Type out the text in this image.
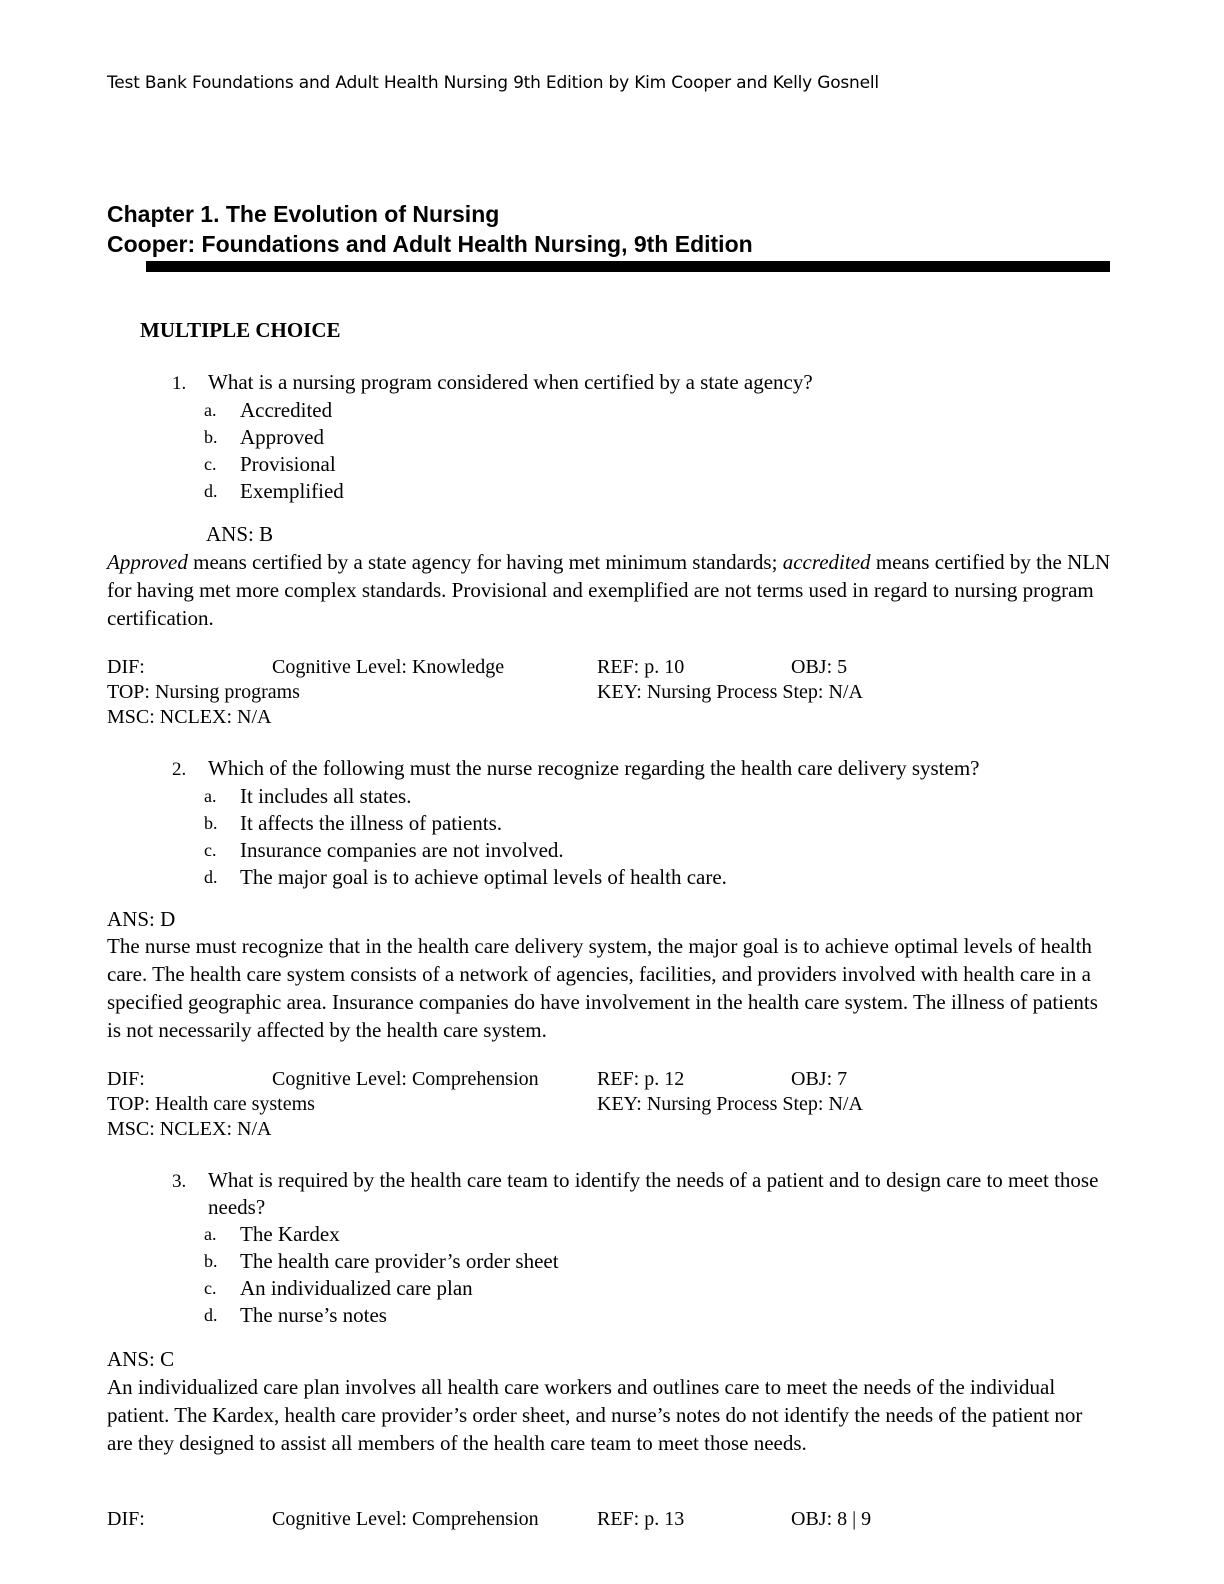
Test Bank Foundations and Adult Health Nursing 9th Edition by Kim Cooper and Kelly Gosnell
Chapter 1. The Evolution of Nursing
Cooper: Foundations and Adult Health Nursing, 9th Edition
MULTIPLE CHOICE
1.	What is a nursing program considered when certified by a state agency?
a.	Accredited
b.	Approved
c.	Provisional
d.	Exemplified
ANS: B
Approved means certified by a state agency for having met minimum standards; accredited means certified by the NLN for having met more complex standards. Provisional and exemplified are not terms used in regard to nursing program certification.
DIF:	Cognitive Level: Knowledge	REF: p. 10	OBJ: 5
TOP: Nursing programs	KEY: Nursing Process Step: N/A
MSC: NCLEX: N/A
2.	Which of the following must the nurse recognize regarding the health care delivery system?
a.	It includes all states.
b.	It affects the illness of patients.
c.	Insurance companies are not involved.
d.	The major goal is to achieve optimal levels of health care.
ANS: D
The nurse must recognize that in the health care delivery system, the major goal is to achieve optimal levels of health care. The health care system consists of a network of agencies, facilities, and providers involved with health care in a specified geographic area. Insurance companies do have involvement in the health care system. The illness of patients is not necessarily affected by the health care system.
DIF:	Cognitive Level: Comprehension	REF: p. 12	OBJ: 7
TOP: Health care systems	KEY: Nursing Process Step: N/A
MSC: NCLEX: N/A
3.	What is required by the health care team to identify the needs of a patient and to design care to meet those needs?
a.	The Kardex
b.	The health care provider’s order sheet
c.	An individualized care plan
d.	The nurse’s notes
ANS: C
An individualized care plan involves all health care workers and outlines care to meet the needs of the individual patient. The Kardex, health care provider’s order sheet, and nurse’s notes do not identify the needs of the patient nor are they designed to assist all members of the health care team to meet those needs.
DIF:	Cognitive Level: Comprehension	REF: p. 13	OBJ: 8 | 9
